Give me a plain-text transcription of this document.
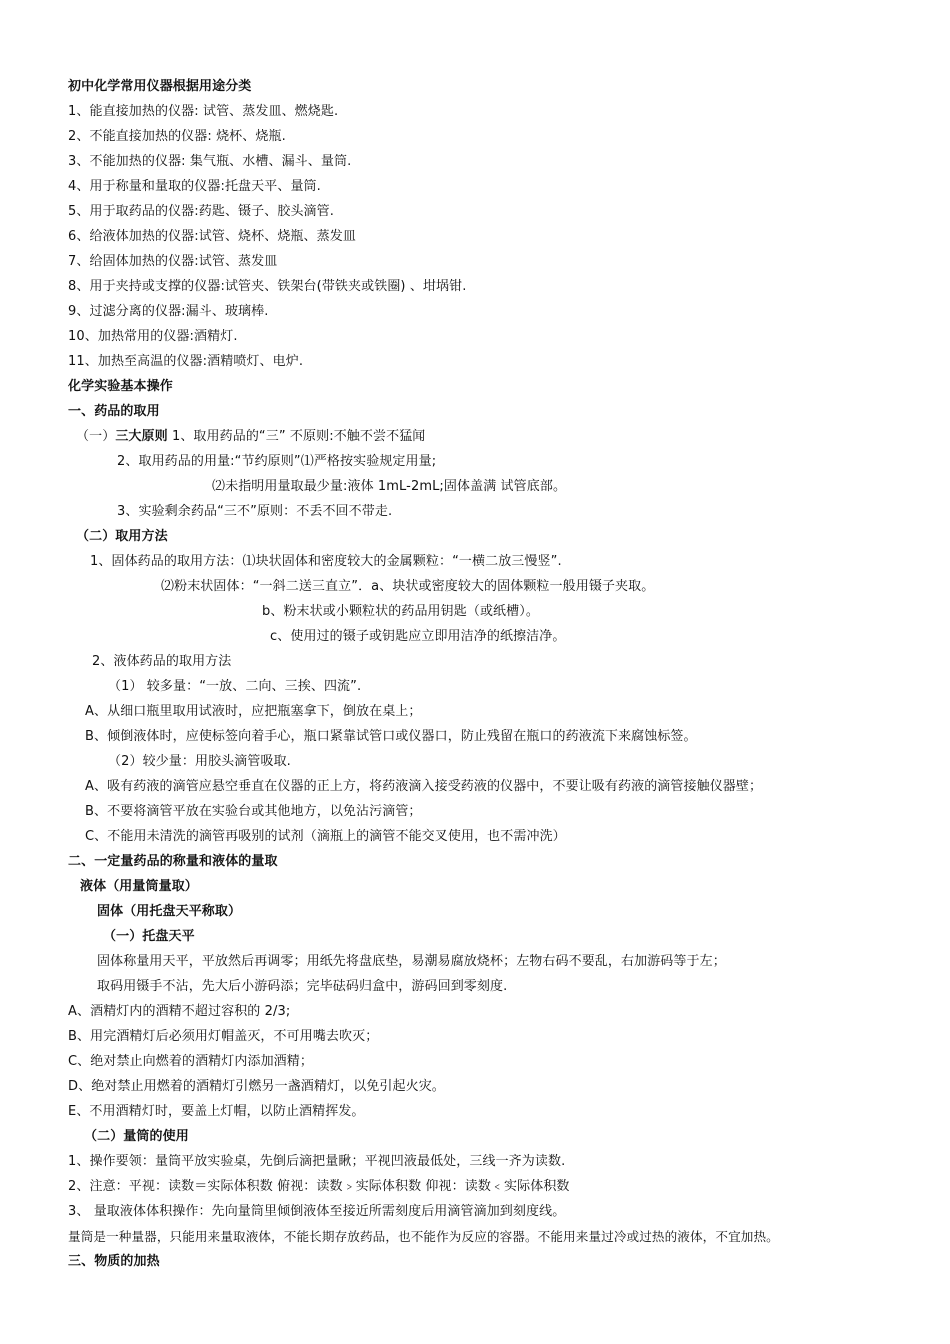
初中化学常用仪器根据用途分类
1、能直接加热的仪器: 试管、蒸发皿、燃烧匙.
2、不能直接加热的仪器: 烧杯、烧瓶.
3、不能加热的仪器: 集气瓶、水槽、漏斗、量筒.
4、用于称量和量取的仪器:托盘天平、量筒.
5、用于取药品的仪器:药匙、镊子、胶头滴管.
6、给液体加热的仪器:试管、烧杯、烧瓶、蒸发皿
7、给固体加热的仪器:试管、蒸发皿
8、用于夹持或支撑的仪器:试管夹、铁架台(带铁夹或铁圈) 、坩埚钳.
9、过滤分离的仪器:漏斗、玻璃棒.
10、加热常用的仪器:酒精灯.
11、加热至高温的仪器:酒精喷灯、电炉.
化学实验基本操作
一、药品的取用
（一）三大原则 1、取用药品的“三” 不原则:不触不尝不猛闻
2、取用药品的用量:“节约原则”⑴严格按实验规定用量;
⑵未指明用量取最少量:液体 1mL-2mL;固体盖满 试管底部。
3、实验剩余药品“三不”原则：不丢不回不带走.
（二）取用方法
1、固体药品的取用方法：⑴块状固体和密度较大的金属颗粒：“一横二放三慢竖”.
⑵粉末状固体：“一斜二送三直立”．a、块状或密度较大的固体颗粒一般用镊子夹取。
b、粉末状或小颗粒状的药品用钥匙（或纸槽）。
c、使用过的镊子或钥匙应立即用洁净的纸擦洁净。
2、液体药品的取用方法
（1） 较多量：“一放、二向、三挨、四流”.
A、从细口瓶里取用试液时，应把瓶塞拿下，倒放在桌上；
B、倾倒液体时，应使标签向着手心，瓶口紧靠试管口或仪器口，防止残留在瓶口的药液流下来腐蚀标签。
（2）较少量：用胶头滴管吸取.
A、吸有药液的滴管应悬空垂直在仪器的正上方，将药液滴入接受药液的仪器中，不要让吸有药液的滴管接触仪器壁；
B、不要将滴管平放在实验台或其他地方，以免沾污滴管；
C、不能用未清洗的滴管再吸别的试剂（滴瓶上的滴管不能交叉使用，也不需冲洗）
二、一定量药品的称量和液体的量取
液体（用量筒量取）
固体（用托盘天平称取）
（一）托盘天平
固体称量用天平，平放然后再调零；用纸先将盘底垫，易潮易腐放烧杯；左物右码不要乱，右加游码等于左；
取码用镊手不沾，先大后小游码添；完毕砝码归盒中，游码回到零刻度.
A、酒精灯内的酒精不超过容积的 2/3;
B、用完酒精灯后必须用灯帽盖灭，不可用嘴去吹灭；
C、绝对禁止向燃着的酒精灯内添加酒精；
D、绝对禁止用燃着的酒精灯引燃另一盏酒精灯，以免引起火灾。
E、不用酒精灯时，要盖上灯帽，以防止酒精挥发。
（二）量筒的使用
1、操作要领：量筒平放实验桌，先倒后滴把量瞅；平视凹液最低处，三线一齐为读数.
2、注意：平视：读数＝实际体积数 俯视：读数﹥实际体积数 仰视：读数﹤实际体积数
3、 量取液体体积操作：先向量筒里倾倒液体至接近所需刻度后用滴管滴加到刻度线。
量筒是一种量器，只能用来量取液体，不能长期存放药品，也不能作为反应的容器。不能用来量过冷或过热的液体，不宜加热。
三、物质的加热
